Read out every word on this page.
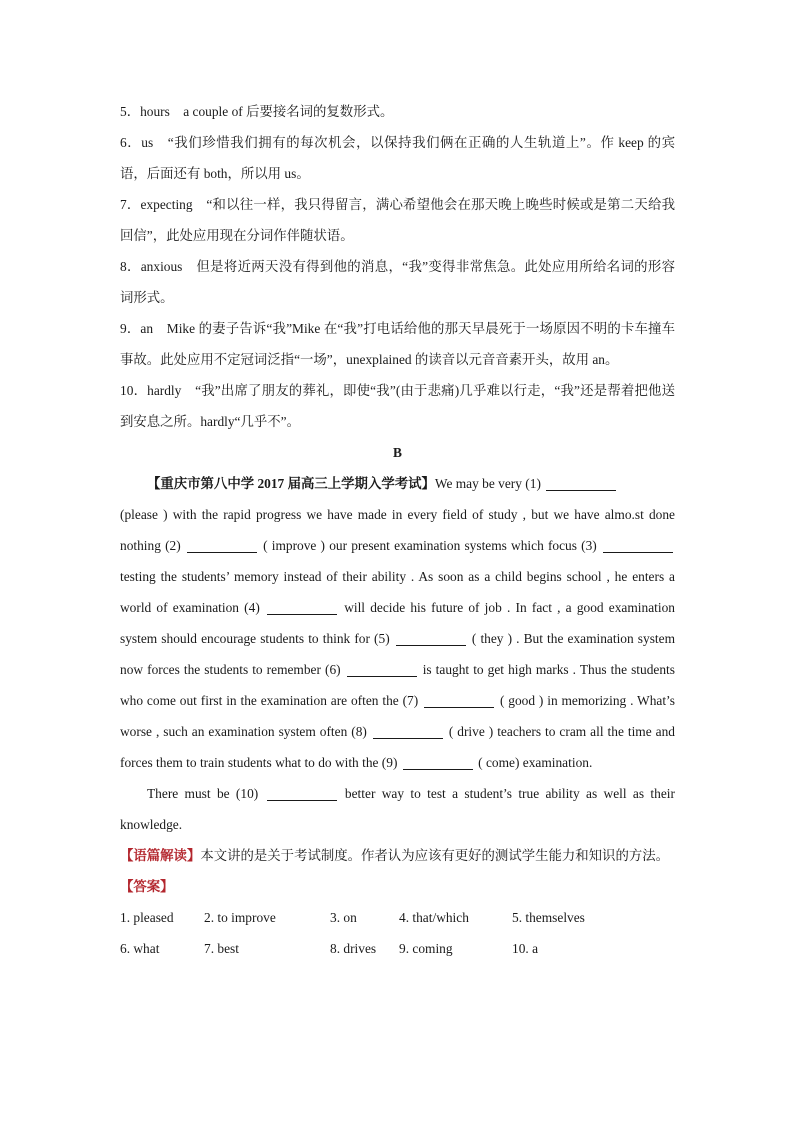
5．hours　a couple of 后要接名词的复数形式。

6．us　“我们珍惜我们拥有的每次机会，以保持我们俩在正确的人生轨道上”。作 keep 的宾语，后面还有 both，所以用 us。

7．expecting　“和以往一样，我只得留言，满心希望他会在那天晚上晚些时候或是第二天给我回信”，此处应用现在分词作伴随状语。

8．anxious　但是将近两天没有得到他的消息，“我”变得非常焦急。此处应用所给名词的形容词形式。

9．an　Mike 的妻子告诉“我”Mike 在“我”打电话给他的那天早晨死于一场原因不明的卡车撞车事故。此处应用不定冠词泛指“一场”，unexplained 的读音以元音音素开头，故用 an。

10．hardly　“我”出席了朋友的葬礼，即使“我”(由于悲痛)几乎难以行走，“我”还是帮着把他送到安息之所。hardly“几乎不”。

B

【重庆市第八中学 2017 届高三上学期入学考试】We may be very (1)
(please ) with the rapid progress we have made in every field of study , but we have almo.st done nothing (2)	( improve ) our present examination systems which focus (3)  testing the students’ memory instead of their ability . As soon as a child begins school , he enters a world of examination (4)	will decide his future of job . In fact , a good examination system should encourage students to think for (5)	( they ) . But the examination system now forces the students to remember (6)	is taught to get high marks . Thus the students who come out first in the examination are often the (7)	( good ) in memorizing . What’s worse , such an examination system often (8)	( drive ) teachers to cram all the time and forces them to train students what to do with the (9)	( come) examination.

There must be (10)	better way to test a student’s true ability as well as their knowledge.

【语篇解读】本文讲的是关于考试制度。作者认为应该有更好的测试学生能力和知识的方法。

【答案】

1. pleased	2. to improve	3. on	4. that/which	5. themselves
6. what	7. best	8. drives	9. coming	10. a
